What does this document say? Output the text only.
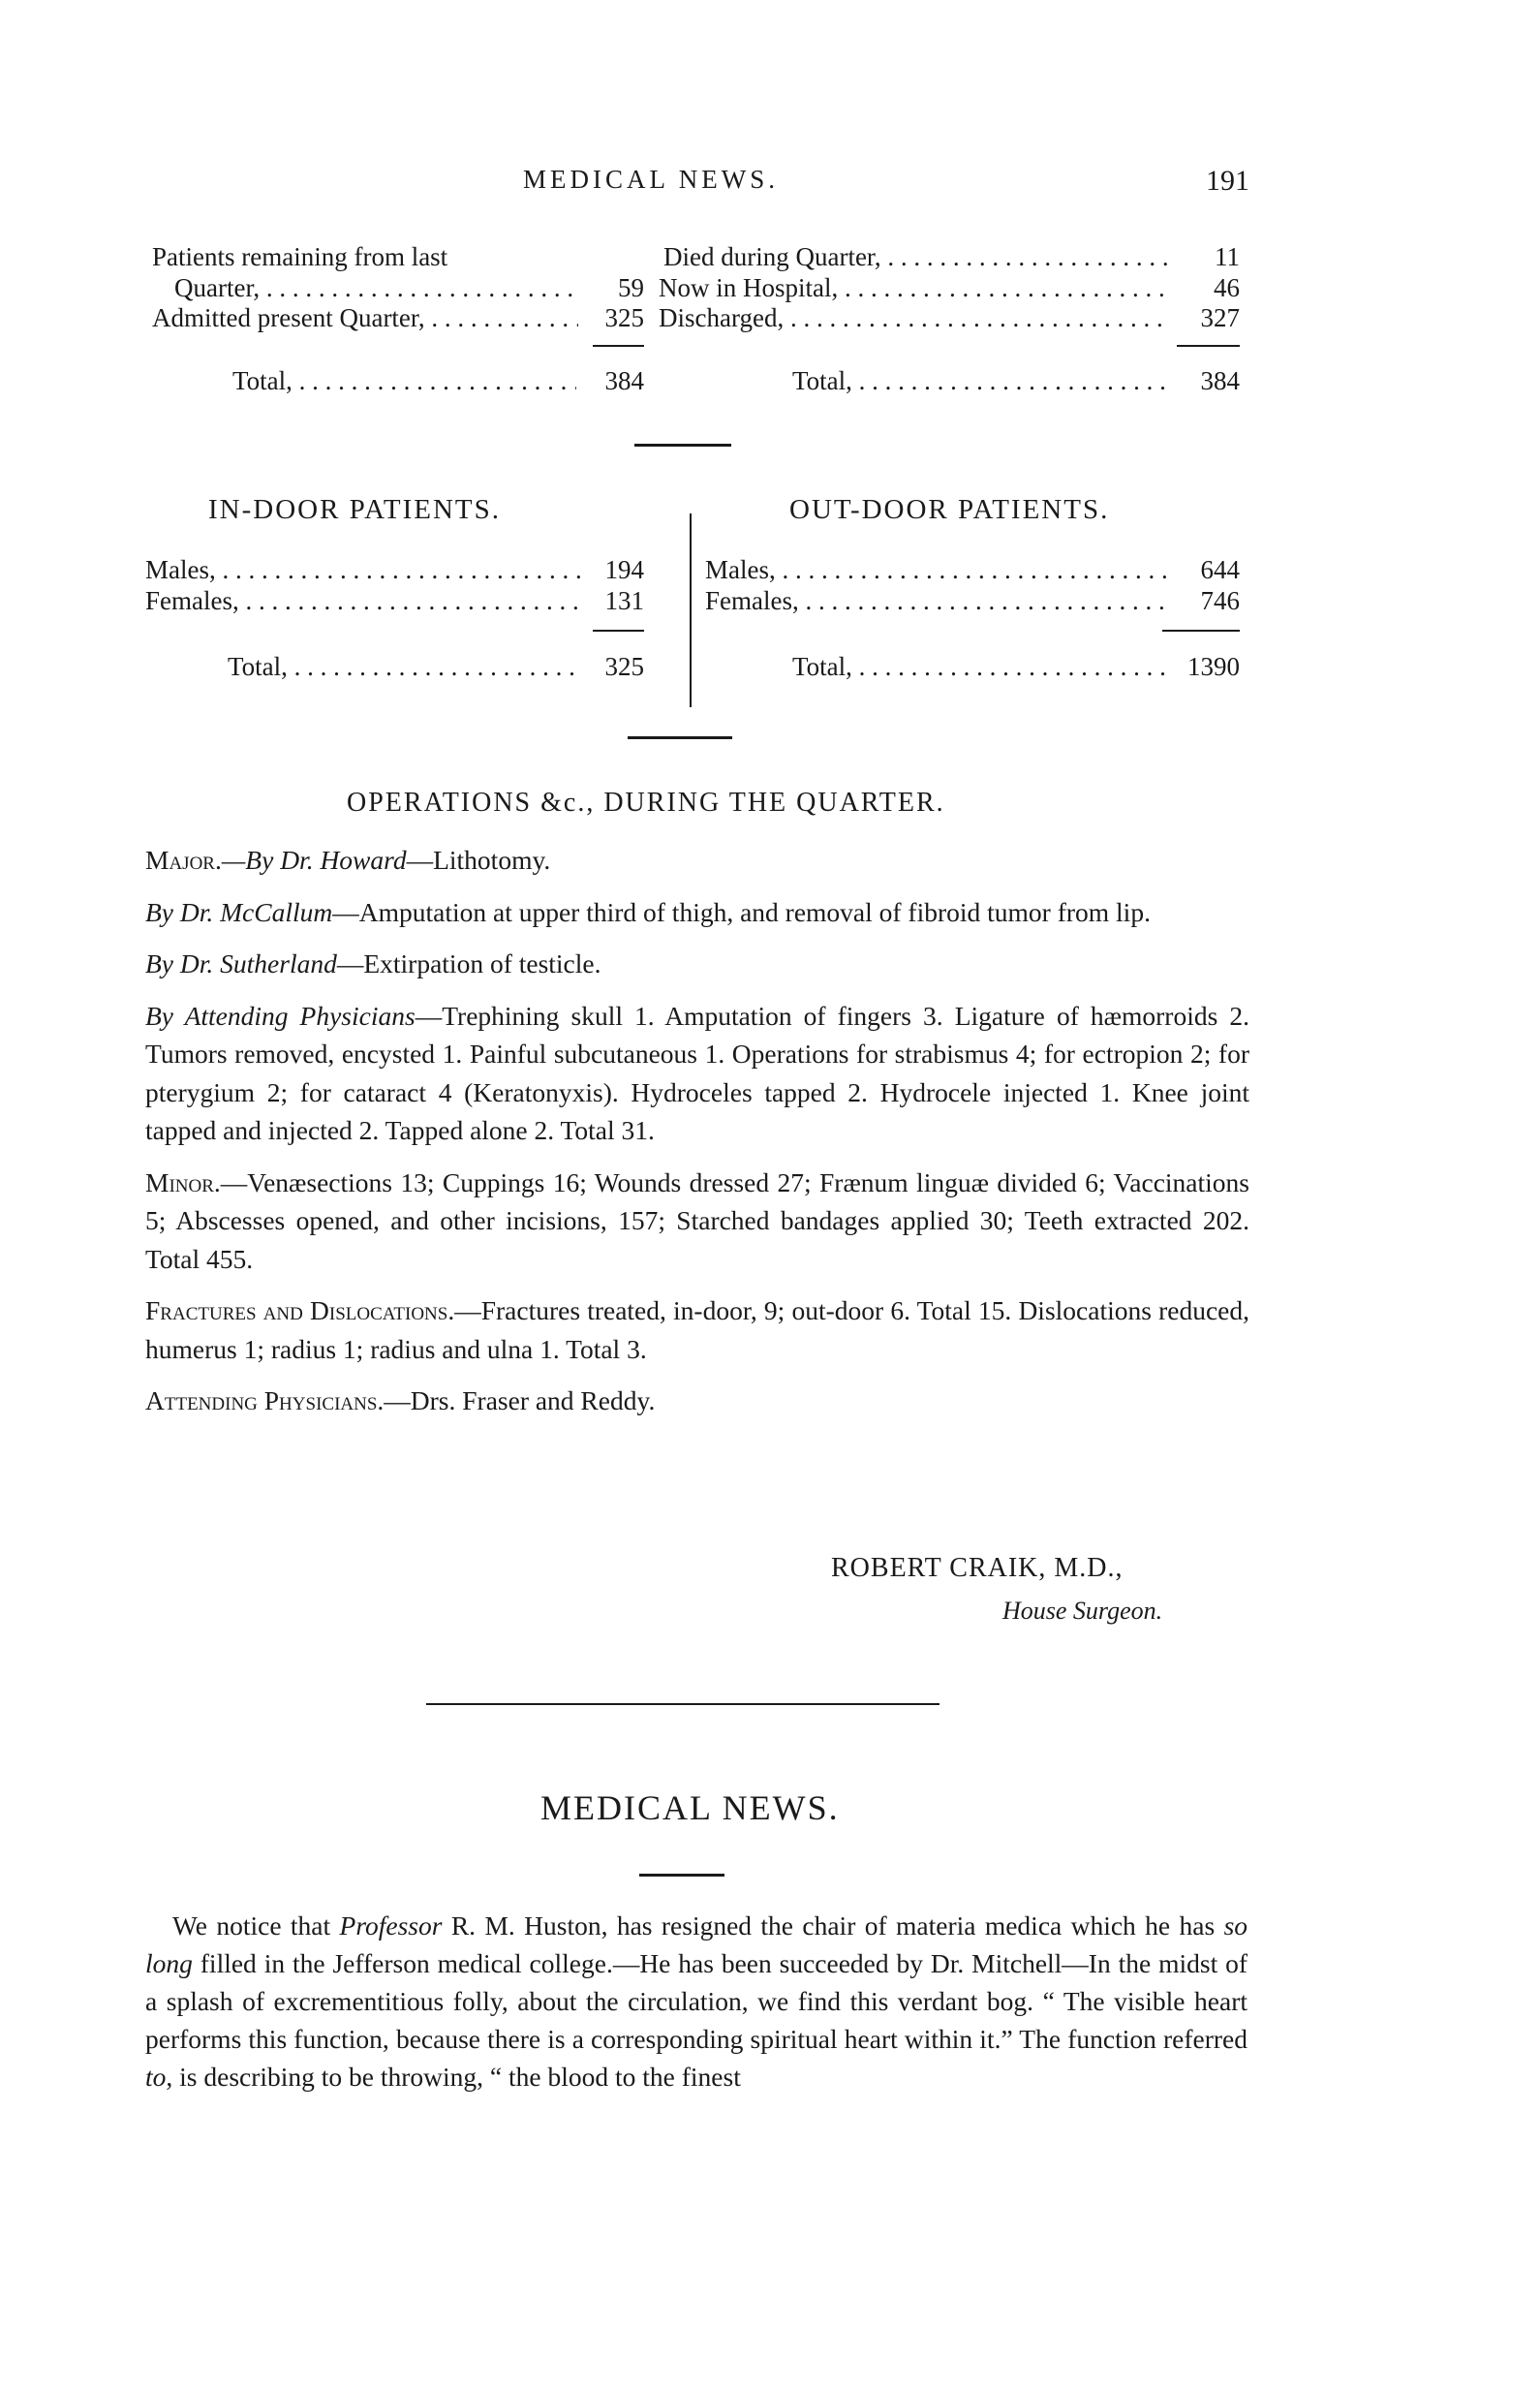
MEDICAL NEWS.	191
Patients remaining from last
Quarter, . . .	59
Admitted present Quarter, . . .	325
Total, . . .	384
Died during Quarter, . . .	11
Now in Hospital, . . .	46
Discharged, . . .	327
Total, . . .	384
IN-DOOR PATIENTS.	OUT-DOOR PATIENTS.
Males, . . .	194
Females, . . .	131
Total, . . .	325
Males, . . .	644
Females, . . .	746
Total, . . .	1390
OPERATIONS &c., DURING THE QUARTER.

Major.—By Dr. Howard—Lithotomy.

By Dr. McCallum—Amputation at upper third of thigh, and removal of fibroid tumor from lip.

By Dr. Sutherland—Extirpation of testicle.

By Attending Physicians—Trephining skull 1. Amputation of fingers 3. Ligature of hæmorroids 2. Tumors removed, encysted 1. Painful subcutaneous 1. Operations for strabismus 4; for ectropion 2; for pterygium 2; for cataract 4 (Keratonyxis). Hydroceles tapped 2. Hydrocele injected 1. Knee joint tapped and injected 2. Tapped alone 2. Total 31.

Minor.—Venæsections 13; Cuppings 16; Wounds dressed 27; Frænum linguæ divided 6; Vaccinations 5; Abscesses opened, and other incisions, 157; Starched bandages applied 30; Teeth extracted 202. Total 455.

Fractures and Dislocations.—Fractures treated, in-door, 9; out-door 6. Total 15. Dislocations reduced, humerus 1; radius 1; radius and ulna 1. Total 3.

Attending Physicians.—Drs. Fraser and Reddy.

ROBERT CRAIK, M.D.,
House Surgeon.
MEDICAL NEWS.

We notice that Professor R. M. Huston, has resigned the chair of materia medica which he has so long filled in the Jefferson medical college.—He has been succeeded by Dr. Mitchell—In the midst of a splash of excrementitious folly, about the circulation, we find this verdant bog. “ The visible heart performs this function, because there is a corresponding spiritual heart within it.” The function referred to, is describing to be throwing, “ the blood to the finest
